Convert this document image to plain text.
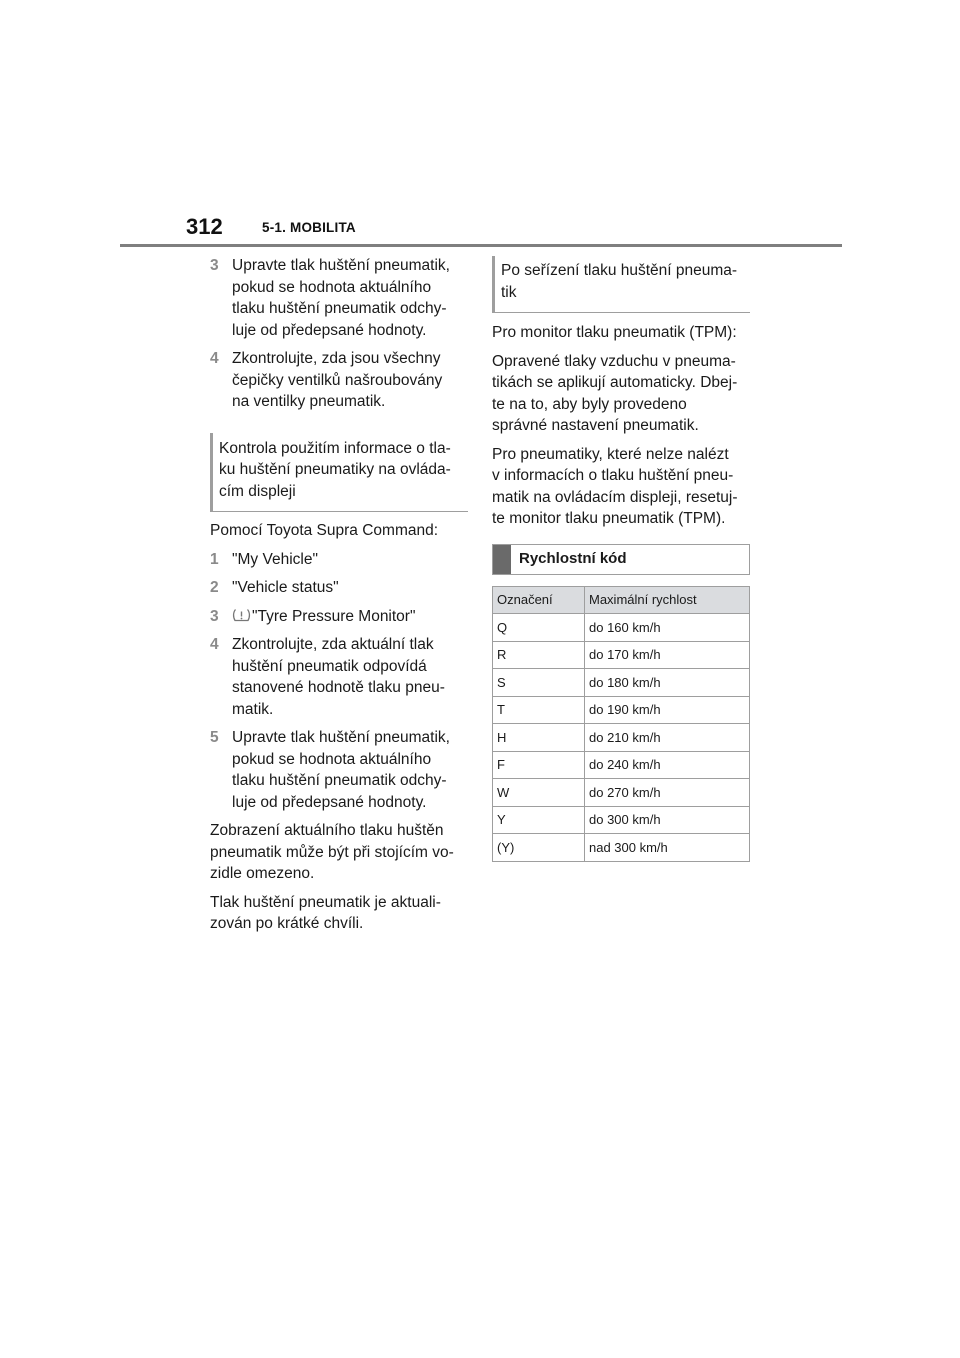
312	5-1. MOBILITA
3 Upravte tlak huštění pneumatik,
pokud se hodnota aktuálního
tlaku huštění pneumatik odchy-
luje od předepsané hodnoty.
4 Zkontrolujte, zda jsou všechny
čepičky ventilků našroubovány
na ventilky pneumatik.
Kontrola použitím informace o tla-
ku huštění pneumatiky na ovláda-
cím displeji
Pomocí Toyota Supra Command:
1 "My Vehicle"
2 "Vehicle status"
3	"Tyre Pressure Monitor"
4 Zkontrolujte, zda aktuální tlak
huštění pneumatik odpovídá
stanovené hodnotě tlaku pneu-
matik.
5 Upravte tlak huštění pneumatik,
pokud se hodnota aktuálního
tlaku huštění pneumatik odchy-
luje od předepsané hodnoty.
Zobrazení aktuálního tlaku huštěn
pneumatik může být při stojícím vo-
zidle omezeno.
Tlak huštění pneumatik je aktuali-
zován po krátké chvíli.
Po seřízení tlaku huštění pneuma-
tik
Pro monitor tlaku pneumatik (TPM):
Opravené tlaky vzduchu v pneuma-
tikách se aplikují automaticky. Dbej-
te na to, aby byly provedeno
správné nastavení pneumatik.
Pro pneumatiky, které nelze nalézt
v informacích o tlaku huštění pneu-
matik na ovládacím displeji, resetuj-
te monitor tlaku pneumatik (TPM).
Rychlostní kód
Označení	Maximální rychlost
Q	do 160 km/h
R	do 170 km/h
S	do 180 km/h
T	do 190 km/h
H	do 210 km/h
F	do 240 km/h
W	do 270 km/h
Y	do 300 km/h
(Y)	nad 300 km/h
